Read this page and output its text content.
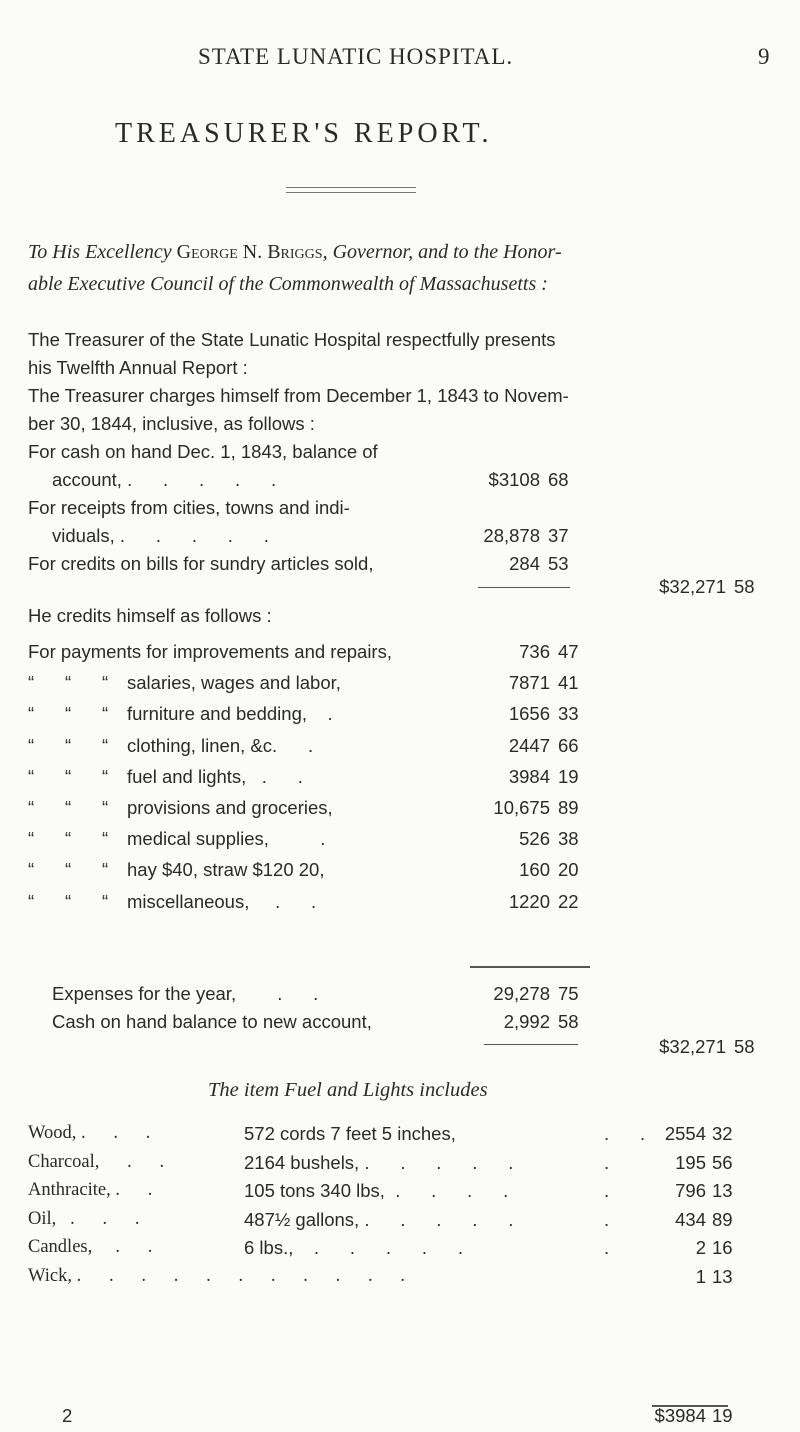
STATE LUNATIC HOSPITAL.	9
TREASURER'S REPORT.
To His Excellency George N. Briggs, Governor, and to the Honor-
able Executive Council of the Commonwealth of Massachusetts :
The Treasurer of the State Lunatic Hospital respectfully presents
his Twelfth Annual Report :
The Treasurer charges himself from December 1, 1843 to Novem-
ber 30, 1844, inclusive, as follows :
For cash on hand Dec. 1, 1843, balance of
account, .      .      .      .      .	$3108 68
For receipts from cities, towns and indi-
viduals, .      .      .      .      .	28,878 37
For credits on bills for sundry articles sold,	284 53
$32,271 58
He credits himself as follows :
For payments for improvements and repairs,	736 47
“      “      “ salaries, wages and labor,	7871 41
“      “      “ furniture and bedding,    .	1656 33
“      “      “ clothing, linen, &c.      .	2447 66
“      “      “ fuel and lights,   .      .	3984 19
“      “      “ provisions and groceries,	10,675 89
“      “      “ medical supplies,          .	526 38
“      “      “ hay $40, straw $120 20,	160 20
“      “      “ miscellaneous,     .      .	1220 22
Expenses for the year,        .      .	29,278 75
Cash on hand balance to new account,	2,992 58
$32,271 58
The item Fuel and Lights includes
Wood, .      .      .	572 cords 7 feet 5 inches,	.      .	2554 32
Charcoal,      .      .	2164 bushels, .      .      .      .      .	.	195 56
Anthracite, .      .	105 tons 340 lbs,  .      .      .      .	.	796 13
Oil,   .      .      .	487½ gallons, .      .      .      .      .	.	434 89
Candles,     .      .	6 lbs.,    .      .      .      .      .	.	2 16
Wick, .      .      .      .      .      .      .      .      .      .      .	1 13
2	$3984 19
